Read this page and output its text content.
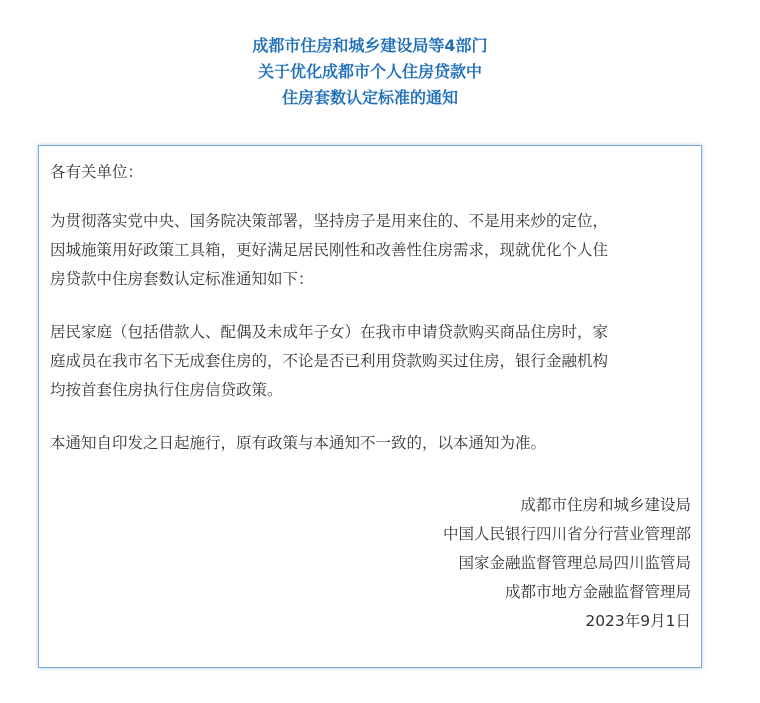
成都市住房和城乡建设局等4部门
关于优化成都市个人住房贷款中
住房套数认定标准的通知

各有关单位：

为贯彻落实党中央、国务院决策部署，坚持房子是用来住的、不是用来炒的定位，
因城施策用好政策工具箱，更好满足居民刚性和改善性住房需求，现就优化个人住
房贷款中住房套数认定标准通知如下：

居民家庭（包括借款人、配偶及未成年子女）在我市申请贷款购买商品住房时，家
庭成员在我市名下无成套住房的，不论是否已利用贷款购买过住房，银行金融机构
均按首套住房执行住房信贷政策。

本通知自印发之日起施行，原有政策与本通知不一致的，以本通知为准。

成都市住房和城乡建设局
中国人民银行四川省分行营业管理部
国家金融监督管理总局四川监管局
成都市地方金融监督管理局
2023年9月1日
